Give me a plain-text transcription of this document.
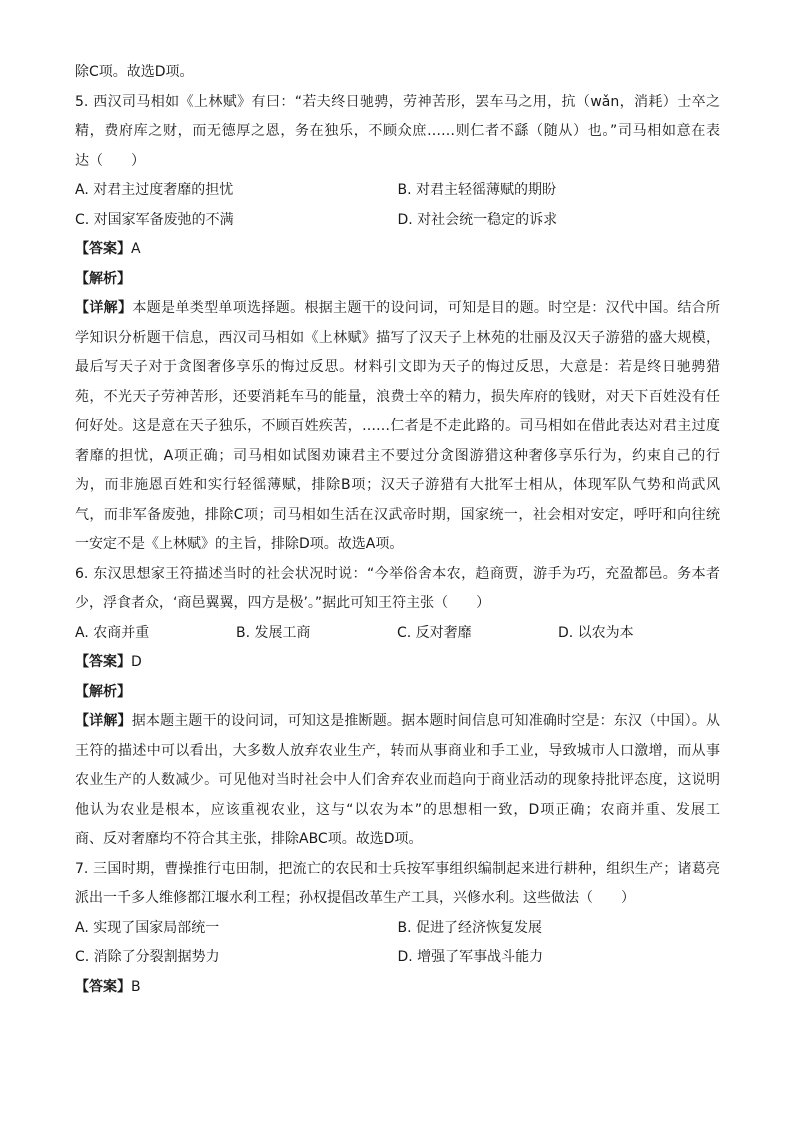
除C项。故选D项。
5. 西汉司马相如《上林赋》有曰：“若夫终日驰骋，劳神苦形，罢车马之用，抗（wǎn，消耗）士卒之
精，费府库之财，而无德厚之恩，务在独乐，不顾众庶……则仁者不繇（随从）也。”司马相如意在表
达（　　）
A. 对君主过度奢靡的担忧	B. 对君主轻徭薄赋的期盼
C. 对国家军备废弛的不满	D. 对社会统一稳定的诉求
【答案】A
【解析】
【详解】本题是单类型单项选择题。根据主题干的设问词，可知是目的题。时空是：汉代中国。结合所
学知识分析题干信息，西汉司马相如《上林赋》描写了汉天子上林苑的壮丽及汉天子游猎的盛大规模，
最后写天子对于贪图奢侈享乐的悔过反思。材料引文即为天子的悔过反思，大意是：若是终日驰骋猎
苑，不光天子劳神苦形，还要消耗车马的能量，浪费士卒的精力，损失库府的钱财，对天下百姓没有任
何好处。这是意在天子独乐，不顾百姓疾苦，……仁者是不走此路的。司马相如在借此表达对君主过度
奢靡的担忧，A项正确；司马相如试图劝谏君主不要过分贪图游猎这种奢侈享乐行为，约束自己的行
为，而非施恩百姓和实行轻徭薄赋，排除B项；汉天子游猎有大批军士相从，体现军队气势和尚武风
气，而非军备废弛，排除C项；司马相如生活在汉武帝时期，国家统一，社会相对安定，呼吁和向往统
一安定不是《上林赋》的主旨，排除D项。故选A项。
6. 东汉思想家王符描述当时的社会状况时说：“今举俗舍本农，趋商贾，游手为巧，充盈都邑。务本者
少，浮食者众，‘商邑翼翼，四方是极’。”据此可知王符主张（　　）
A. 农商并重	B. 发展工商	C. 反对奢靡	D. 以农为本
【答案】D
【解析】
【详解】据本题主题干的设问词，可知这是推断题。据本题时间信息可知准确时空是：东汉（中国）。从
王符的描述中可以看出，大多数人放弃农业生产，转而从事商业和手工业，导致城市人口激增，而从事
农业生产的人数减少。可见他对当时社会中人们舍弃农业而趋向于商业活动的现象持批评态度，这说明
他认为农业是根本，应该重视农业，这与“以农为本”的思想相一致，D项正确；农商并重、发展工
商、反对奢靡均不符合其主张，排除ABC项。故选D项。
7. 三国时期，曹操推行屯田制，把流亡的农民和士兵按军事组织编制起来进行耕种，组织生产；诸葛亮
派出一千多人维修都江堰水利工程；孙权提倡改革生产工具，兴修水利。这些做法（　　）
A. 实现了国家局部统一	B. 促进了经济恢复发展
C. 消除了分裂割据势力	D. 增强了军事战斗能力
【答案】B
